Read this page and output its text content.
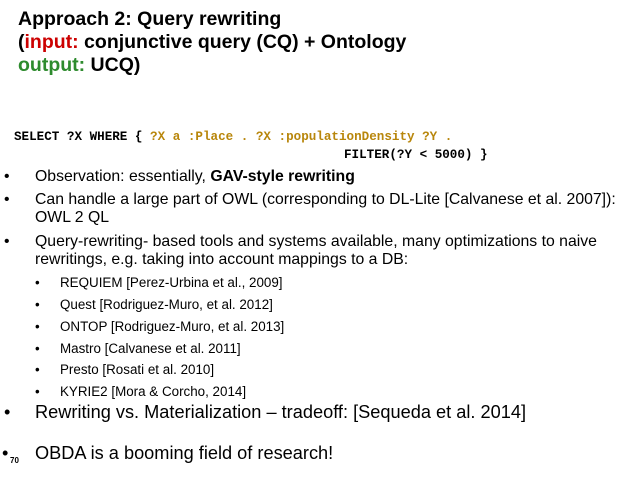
Approach 2: Query rewriting
(input: conjunctive query (CQ) + Ontology
output: UCQ)
SELECT ?X WHERE { ?X a :Place . ?X :populationDensity ?Y .
FILTER(?Y < 5000) }
•	Observation: essentially, GAV-style rewriting
•	Can handle a large part of OWL (corresponding to DL-Lite [Calvanese et al. 2007]): OWL 2 QL
•	Query-rewriting- based tools and systems available, many optimizations to naive rewritings, e.g. taking into account mappings to a DB:
• REQUIEM [Perez-Urbina et al., 2009]
• Quest [Rodriguez-Muro, et al. 2012]
• ONTOP [Rodriguez-Muro, et al. 2013]
• Mastro [Calvanese et al. 2011]
• Presto [Rosati et al. 2010]
• KYRIE2 [Mora & Corcho, 2014]
•	Rewriting vs. Materialization – tradeoff: [Sequeda et al. 2014]
• 70 OBDA is a booming field of research!
